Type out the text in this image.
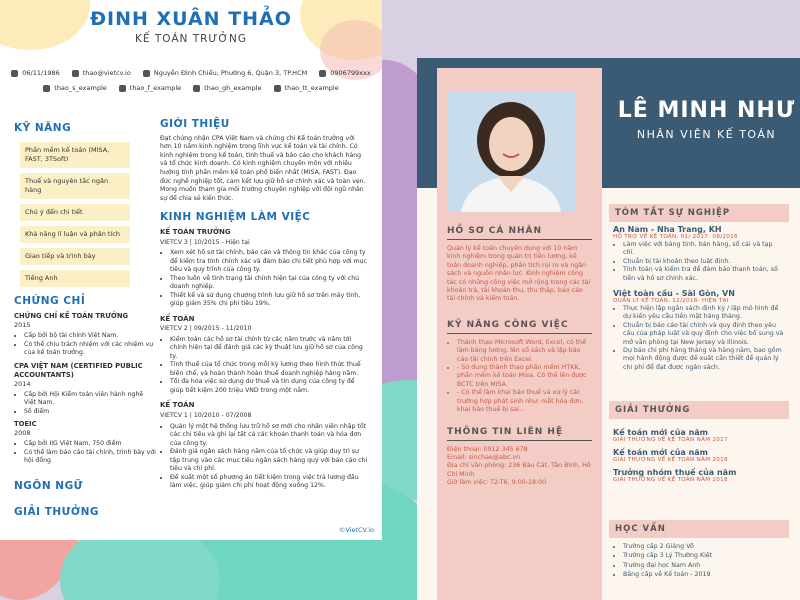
ĐINH XUÂN THẢO
KẾ TOÁN TRƯỞNG
06/11/1986	thao@vietcv.io	Nguyễn Đình Chiểu, Phường 6, Quận 3, TP.HCM	0906799xxx
thao_s_example	thao_f_example	thao_gh_example	thao_tt_example
KỸ NĂNG
Phần mềm kế toán (MISA, FAST, 3TSoft)
Thuế và nguyên tắc ngân hàng
Chú ý đến chi tiết
Khả năng lí luận và phân tích
Giao tiếp và trình bày
Tiếng Anh
CHỨNG CHỈ
CHỨNG CHỈ KẾ TOÁN TRƯỞNG
2015
• Cấp bởi bộ tài chính Việt Nam.
• Có thể chịu trách nhiệm với các nhiệm vụ của kế toán trưởng.
CPA VIỆT NAM (CERTIFIED PUBLIC ACCOUNTANTS)
2014
• Cấp bởi Hội Kiểm toán viên hành nghề Việt Nam.
• Số điểm
TOEIC
2008
• Cấp bởi IIG Việt Nam, 750 điểm
• Có thể làm báo cáo tài chính, trình bày với hội đồng
NGÔN NGỮ
GIẢI THƯỞNG
GIỚI THIỆU
Đạt chứng nhận CPA Việt Nam và chứng chỉ Kế toán trưởng với hơn 10 năm kinh nghiệm trong lĩnh vực kế toán và tài chính. Có kinh nghiệm trong kế toán, tình thuế và báo cáo cho khách hàng và tổ chức kinh doanh. Có kinh nghiệm chuyên môn với nhiều hướng tính phần mềm kế toán phổ biến nhất (MISA, FAST). Đạo đức nghề nghiệp tốt, cam kết lưu giữ hồ sơ chính xác và toàn vẹn. Mong muốn tham gia môi trường chuyên nghiệp với đội ngũ nhân sự để chia sẻ kiến thức.
KINH NGHIỆM LÀM VIỆC
KẾ TOÁN TRƯỞNG
VIETCV 3 | 10/2015 - Hiện tại
• Xem xét hồ sơ tài chính, báo cáo và thông tin khác của công ty để kiểm tra tính chính xác và đảm bảo chi tiết phù hợp với mục tiêu và quy trình của công ty.
• Theo luồn về tình trạng tài chính hiện tại của công ty với chủ doanh nghiệp.
• Thiết kế và sử dụng chương trình lưu giữ hồ sơ trên máy tính, giúp giảm 35% chi phí tiêu 19%.
KẾ TOÁN
VIETCV 2 | 09/2015 - 11/2010
• Kiểm toán các hồ sơ tài chính từ các năm trước và năm tới chính hiện tại để đánh giá các kỳ thuật lưu giữ hồ sơ của công ty.
• Tính thuế của tổ chức trong mỗi kỳ lương theo hình thức thuế biến chế, và hoàn thành hoàn thuế doanh nghiệp hàng năm.
• Tối đa hóa việc sử dụng dư thuế và tín dụng của công ty để giúp tiết kiệm 200 triệu VND trong một năm.
KẾ TOÁN
VIETCV 1 | 10/2010 - 07/2008
• Quản lý một hệ thống lưu trữ hồ sơ mới cho nhân viên nhập tốt các chi tiêu và ghi lại tất cả các khoản thanh toán và hóa đơn của công ty.
• Đánh giá ngân sách hàng năm của tổ chức và giúp duy trì sự tập trung vào các mục tiêu ngân sách hàng quý với báo cáo chi tiêu và chi phí.
• Đề xuất một số phương án tiết kiệm trong việc trả lương đầu làm việc, giúp giảm chi phí hoạt động xuống 12%.
©VietCV.io
LÊ MINH NHƯ
NHÂN VIÊN KẾ TOÁN
HỒ SƠ CÁ NHÂN
Quản lý kế toán chuyên dụng với 10 năm kinh nghiệm trong quản trị tiền lương, kế toán doanh nghiệp, phân tích rủi ro và ngân sách và nguồn nhân lực. Kinh nghiệm công tác có những công việc mở rộng trong các tài khoản trả, tài khoản thu, thu thập, báo cáo tài chính và kiểm toán.
KỸ NĂNG CÔNG VIỆC
• Thành thạo Microsoft Word, Excel, có thể làm bảng lương, lên sổ sách và lập báo cáo tài chính trên Excel.
• - Sử dụng thành thạo phần mềm HTKK, phần mềm kế toán Misa. Có thể lên được BCTC trên MISA.
• - Có thể làm khai báo thuế và xử lý các trường hợp phát sinh như: mất hóa đơn, khai báo thuế bị sai...
THÔNG TIN LIÊN HỆ
Điện thoại: 0912 345 678
Email: sinchae@abc.vn
Địa chỉ văn phòng: 236 Bàu Cát, Tân Bình, Hồ Chí Minh
Giờ làm việc: T2-T6, 9:00-18:00
TÓM TẮT SỰ NGHIỆP
An Nam - Nha Trang, KH
HỖ TRỢ VỀ KẾ TOÁN, 01/ 2017- 08/2018
• Làm việc với bảng tính, bản hàng, sổ cái và tạp chí.
• Chuẩn bị tài khoản theo luật định.
• Tính toán và kiểm tra để đảm bảo thanh toán, số tiền và hồ sơ chính xác.
Việt toàn cầu - Sài Gòn, VN
QUẢN LÝ KẾ TOÁN, 12/2018- HIỆN TẠI
• Thực hiện lập ngân sách định kỳ / lập mô hình để dự kiến yêu cầu tiền mặt hàng tháng.
• Chuẩn bị báo cáo tài chính và quy định theo yêu cầu của pháp luật và quy định cho việc bổ sung và mở văn phòng tại New Jersey và Illinois.
• Dự báo chi phí hàng tháng và hàng năm, bao gồm mọi hành động được đề xuất cần thiết để quản lý chi phí để đạt được ngân sách.
GIẢI THƯỞNG
Kế toán mới của năm
GIẢI THƯỞNG VỀ KẾ TOÁN NĂM 2017
Kế toán mới của năm
GIẢI THƯỞNG VỀ KẾ TOÁN NĂM 2018
Trưởng nhóm thuế của năm
GIẢI THƯỞNG VỀ KẾ TOÁN NĂM 2018
HỌC VẤN
• Trường cấp 2 Giảng Võ
• Trường cấp 3 Lý Thường Kiệt
• Trường đại học Nam Anh
• Bằng cấp về Kế toán - 2019
